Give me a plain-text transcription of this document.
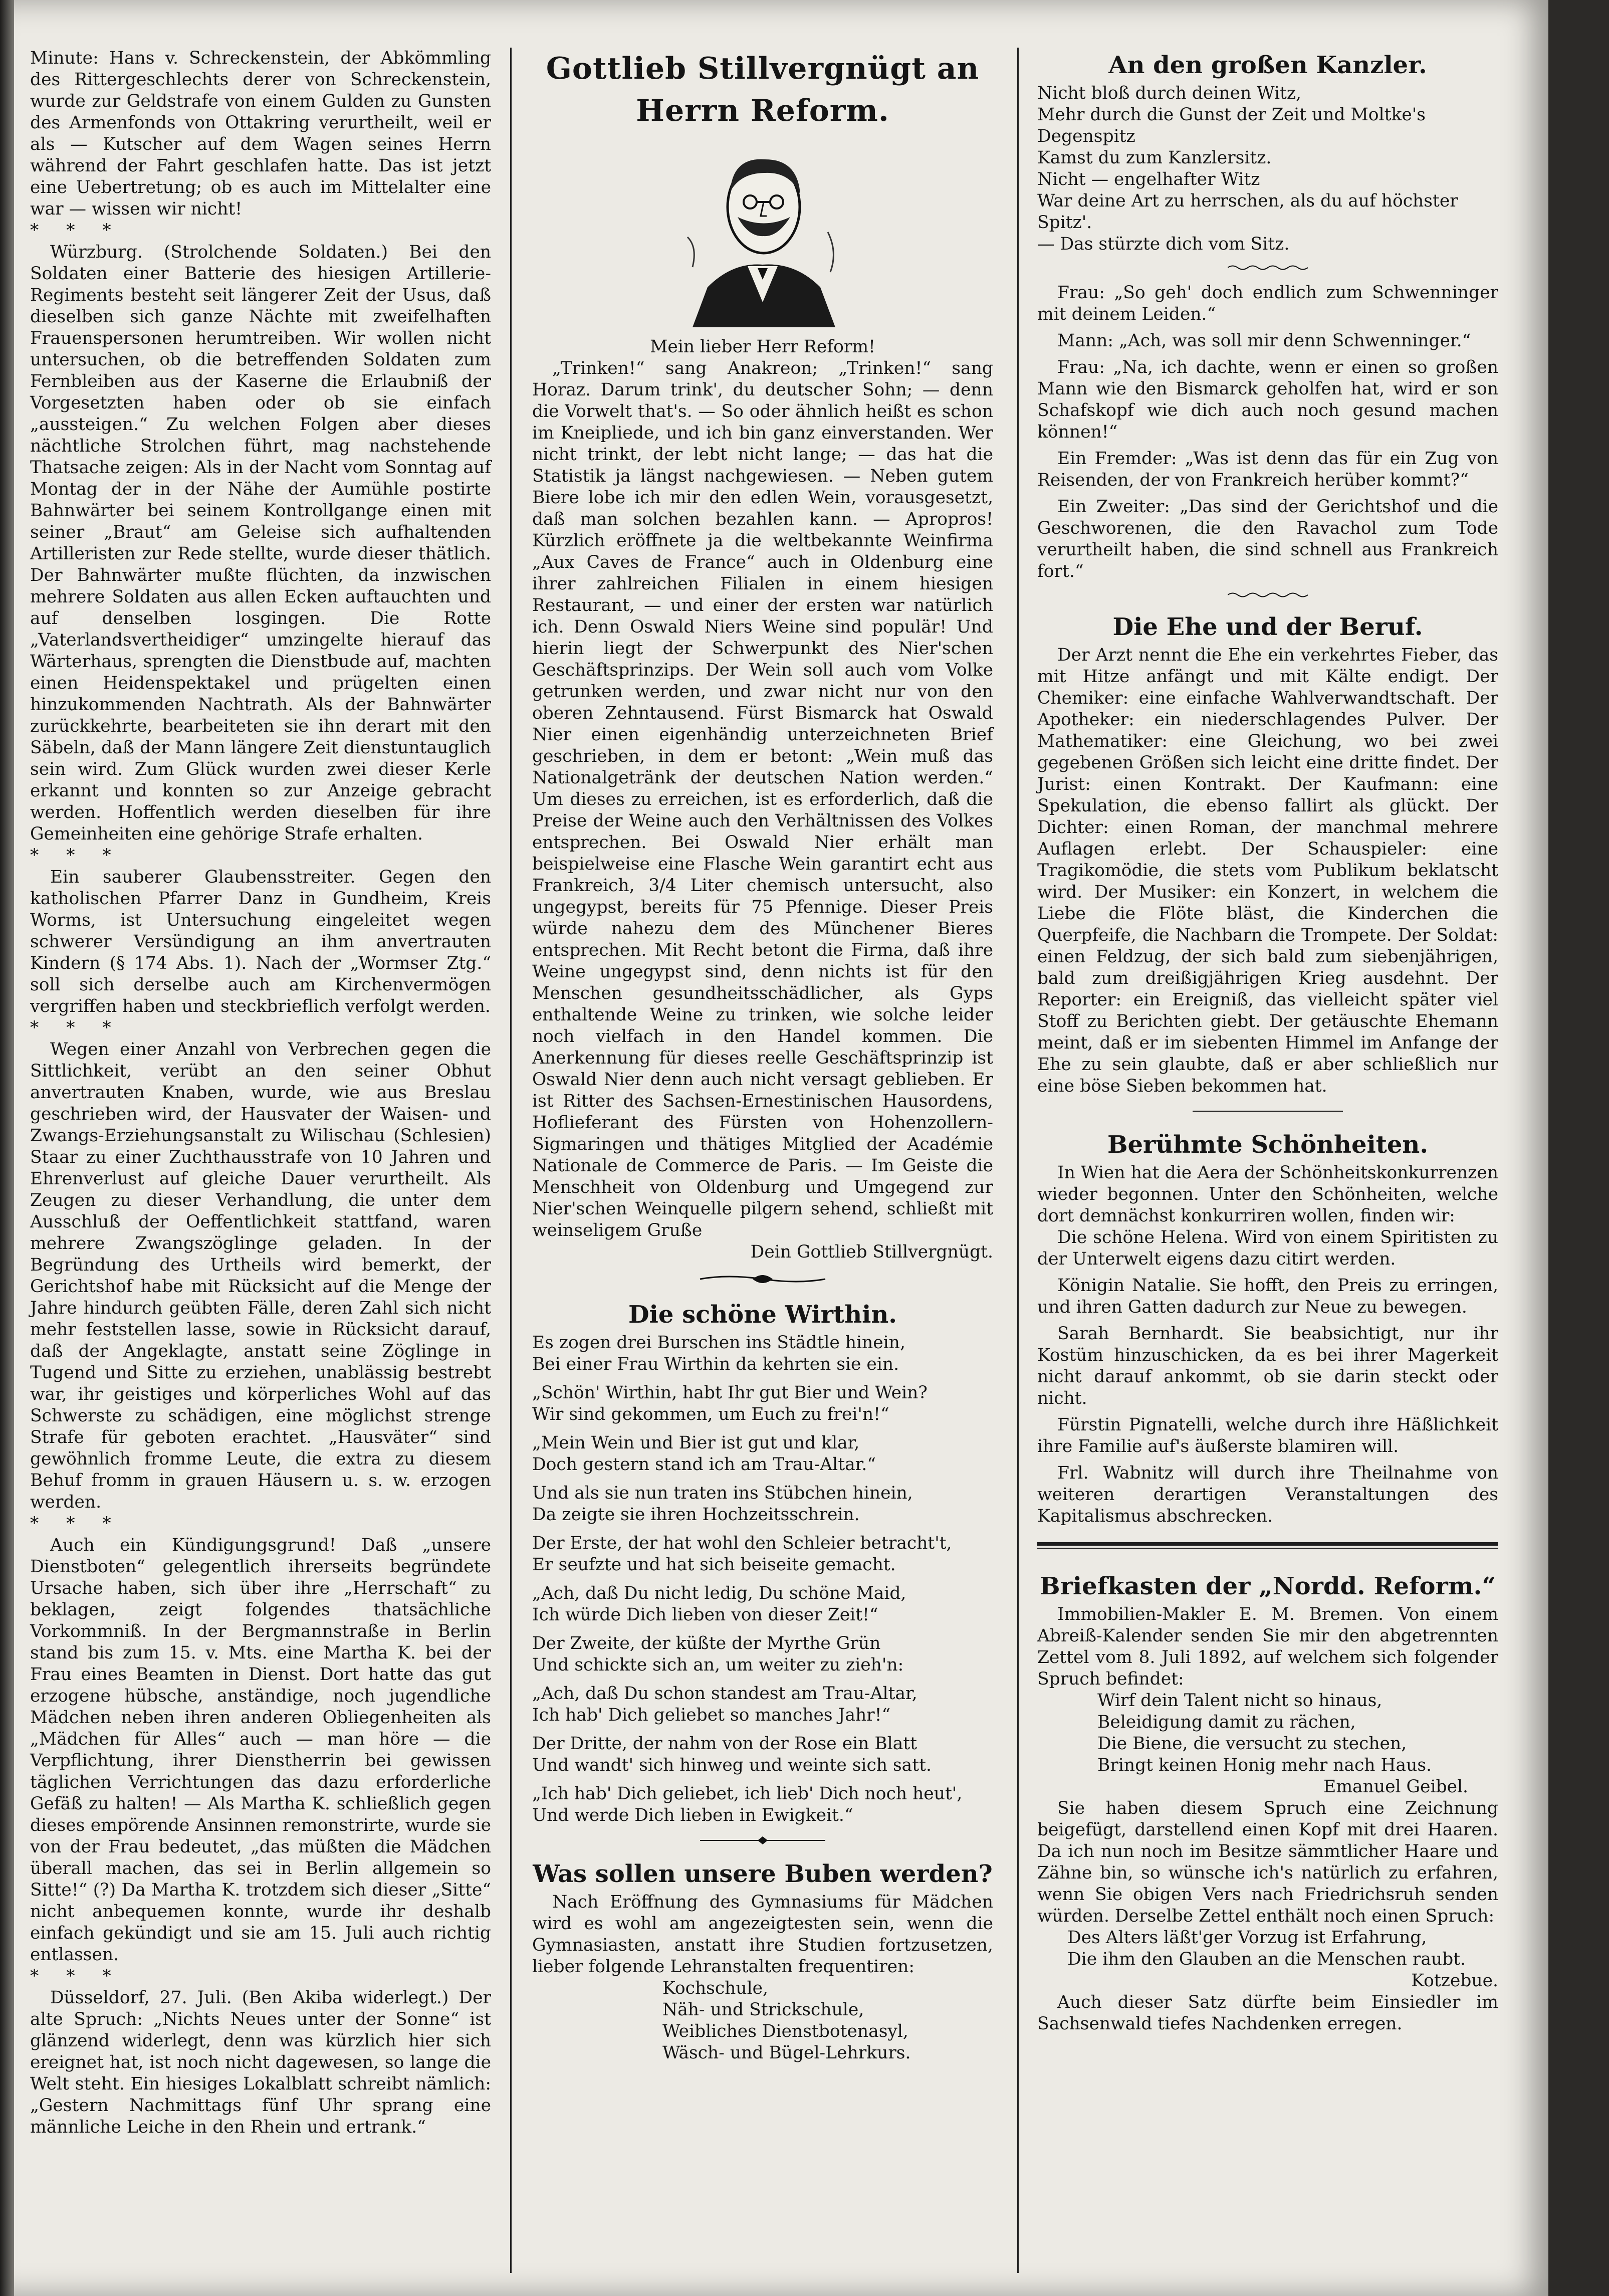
Minute: Hans v. Schreckenstein, der Abkömmling des Rittergeschlechts derer von Schreckenstein, wurde zur Geldstrafe von einem Gulden zu Gunsten des Armenfonds von Ottakring verurtheilt, weil er als — Kutscher auf dem Wagen seines Herrn während der Fahrt geschlafen hatte. Das ist jetzt eine Uebertretung; ob es auch im Mittelalter eine war — wissen wir nicht!

* * *

Würzburg. (Strolchende Soldaten.) Bei den Soldaten einer Batterie des hiesigen Artillerie-Regiments besteht seit längerer Zeit der Usus, daß dieselben sich ganze Nächte mit zweifelhaften Frauenspersonen herumtreiben. Wir wollen nicht untersuchen, ob die betreffenden Soldaten zum Fernbleiben aus der Kaserne die Erlaubniß der Vorgesetzten haben oder ob sie einfach „aussteigen.“ Zu welchen Folgen aber dieses nächtliche Strolchen führt, mag nachstehende Thatsache zeigen: Als in der Nacht vom Sonntag auf Montag der in der Nähe der Aumühle postirte Bahnwärter bei seinem Kontrollgange einen mit seiner „Braut“ am Geleise sich aufhaltenden Artilleristen zur Rede stellte, wurde dieser thätlich. Der Bahnwärter mußte flüchten, da inzwischen mehrere Soldaten aus allen Ecken auftauchten und auf denselben losgingen. Die Rotte „Vaterlandsvertheidiger“ umzingelte hierauf das Wärterhaus, sprengten die Dienstbude auf, machten einen Heidenspektakel und prügelten einen hinzukommenden Nachtrath. Als der Bahnwärter zurückkehrte, bearbeiteten sie ihn derart mit den Säbeln, daß der Mann längere Zeit dienstuntauglich sein wird. Zum Glück wurden zwei dieser Kerle erkannt und konnten so zur Anzeige gebracht werden. Hoffentlich werden dieselben für ihre Gemeinheiten eine gehörige Strafe erhalten.

* * *

Ein sauberer Glaubensstreiter. Gegen den katholischen Pfarrer Danz in Gundheim, Kreis Worms, ist Untersuchung eingeleitet wegen schwerer Versündigung an ihm anvertrauten Kindern (§ 174 Abs. 1). Nach der „Wormser Ztg.“ soll sich derselbe auch am Kirchenvermögen vergriffen haben und steckbrieflich verfolgt werden.

* * *

Wegen einer Anzahl von Verbrechen gegen die Sittlichkeit, verübt an den seiner Obhut anvertrauten Knaben, wurde, wie aus Breslau geschrieben wird, der Hausvater der Waisen- und Zwangs-Erziehungsanstalt zu Wilischau (Schlesien) Staar zu einer Zuchthausstrafe von 10 Jahren und Ehrenverlust auf gleiche Dauer verurtheilt. Als Zeugen zu dieser Verhandlung, die unter dem Ausschluß der Oeffentlichkeit stattfand, waren mehrere Zwangszöglinge geladen. In der Begründung des Urtheils wird bemerkt, der Gerichtshof habe mit Rücksicht auf die Menge der Jahre hindurch geübten Fälle, deren Zahl sich nicht mehr feststellen lasse, sowie in Rücksicht darauf, daß der Angeklagte, anstatt seine Zöglinge in Tugend und Sitte zu erziehen, unablässig bestrebt war, ihr geistiges und körperliches Wohl auf das Schwerste zu schädigen, eine möglichst strenge Strafe für geboten erachtet. „Hausväter“ sind gewöhnlich fromme Leute, die extra zu diesem Behuf fromm in grauen Häusern u. s. w. erzogen werden.

* * *

Auch ein Kündigungsgrund! Daß „unsere Dienstboten“ gelegentlich ihrerseits begründete Ursache haben, sich über ihre „Herrschaft“ zu beklagen, zeigt folgendes thatsächliche Vorkommniß. In der Bergmannstraße in Berlin stand bis zum 15. v. Mts. eine Martha K. bei der Frau eines Beamten in Dienst. Dort hatte das gut erzogene hübsche, anständige, noch jugendliche Mädchen neben ihren anderen Obliegenheiten als „Mädchen für Alles“ auch — man höre — die Verpflichtung, ihrer Dienstherrin bei gewissen täglichen Verrichtungen das dazu erforderliche Gefäß zu halten! — Als Martha K. schließlich gegen dieses empörende Ansinnen remonstrirte, wurde sie von der Frau bedeutet, „das müßten die Mädchen überall machen, das sei in Berlin allgemein so Sitte!“ (?) Da Martha K. trotzdem sich dieser „Sitte“ nicht anbequemen konnte, wurde ihr deshalb einfach gekündigt und sie am 15. Juli auch richtig entlassen.

* * *

Düsseldorf, 27. Juli. (Ben Akiba widerlegt.) Der alte Spruch: „Nichts Neues unter der Sonne“ ist glänzend widerlegt, denn was kürzlich hier sich ereignet hat, ist noch nicht dagewesen, so lange die Welt steht. Ein hiesiges Lokalblatt schreibt nämlich: „Gestern Nachmittags fünf Uhr sprang eine männliche Leiche in den Rhein und ertrank.“

Gottlieb Stillvergnügt an Herrn Reform.

Mein lieber Herr Reform!

„Trinken!“ sang Anakreon; „Trinken!“ sang Horaz. Darum trink', du deutscher Sohn; — denn die Vorwelt that's. — So oder ähnlich heißt es schon im Kneipliede, und ich bin ganz einverstanden. Wer nicht trinkt, der lebt nicht lange; — das hat die Statistik ja längst nachgewiesen. — Neben gutem Biere lobe ich mir den edlen Wein, vorausgesetzt, daß man solchen bezahlen kann. — Apropros! Kürzlich eröffnete ja die weltbekannte Weinfirma „Aux Caves de France“ auch in Oldenburg eine ihrer zahlreichen Filialen in einem hiesigen Restaurant, — und einer der ersten war natürlich ich. Denn Oswald Niers Weine sind populär! Und hierin liegt der Schwerpunkt des Nier'schen Geschäftsprinzips. Der Wein soll auch vom Volke getrunken werden, und zwar nicht nur von den oberen Zehntausend. Fürst Bismarck hat Oswald Nier einen eigenhändig unterzeichneten Brief geschrieben, in dem er betont: „Wein muß das Nationalgetränk der deutschen Nation werden.“ Um dieses zu erreichen, ist es erforderlich, daß die Preise der Weine auch den Verhältnissen des Volkes entsprechen. Bei Oswald Nier erhält man beispielweise eine Flasche Wein garantirt echt aus Frankreich, 3/4 Liter chemisch untersucht, also ungegypst, bereits für 75 Pfennige. Dieser Preis würde nahezu dem des Münchener Bieres entsprechen. Mit Recht betont die Firma, daß ihre Weine ungegypst sind, denn nichts ist für den Menschen gesundheitsschädlicher, als Gyps enthaltende Weine zu trinken, wie solche leider noch vielfach in den Handel kommen. Die Anerkennung für dieses reelle Geschäftsprinzip ist Oswald Nier denn auch nicht versagt geblieben. Er ist Ritter des Sachsen-Ernestinischen Hausordens, Hoflieferant des Fürsten von Hohenzollern-Sigmaringen und thätiges Mitglied der Académie Nationale de Commerce de Paris. — Im Geiste die Menschheit von Oldenburg und Umgegend zur Nier'schen Weinquelle pilgern sehend, schließt mit weinseligem Gruße

Dein Gottlieb Stillvergnügt.

Die schöne Wirthin.

Es zogen drei Burschen ins Städtle hinein,

Bei einer Frau Wirthin da kehrten sie ein.

„Schön' Wirthin, habt Ihr gut Bier und Wein?

Wir sind gekommen, um Euch zu frei'n!“

„Mein Wein und Bier ist gut und klar,

Doch gestern stand ich am Trau-Altar.“

Und als sie nun traten ins Stübchen hinein,

Da zeigte sie ihren Hochzeitsschrein.

Der Erste, der hat wohl den Schleier betracht't,

Er seufzte und hat sich beiseite gemacht.

„Ach, daß Du nicht ledig, Du schöne Maid,

Ich würde Dich lieben von dieser Zeit!“

Der Zweite, der küßte der Myrthe Grün

Und schickte sich an, um weiter zu zieh'n:

„Ach, daß Du schon standest am Trau-Altar,

Ich hab' Dich geliebet so manches Jahr!“

Der Dritte, der nahm von der Rose ein Blatt

Und wandt' sich hinweg und weinte sich satt.

„Ich hab' Dich geliebet, ich lieb' Dich noch heut',

Und werde Dich lieben in Ewigkeit.“

Was sollen unsere Buben werden?

Nach Eröffnung des Gymnasiums für Mädchen wird es wohl am angezeigtesten sein, wenn die Gymnasiasten, anstatt ihre Studien fortzusetzen, lieber folgende Lehranstalten frequentiren:

Kochschule,

Näh- und Strickschule,

Weibliches Dienstbotenasyl,

Wäsch- und Bügel-Lehrkurs.

An den großen Kanzler.

Nicht bloß durch deinen Witz,

Mehr durch die Gunst der Zeit und Moltke's Degenspitz

Kamst du zum Kanzlersitz.

Nicht — engelhafter Witz

War deine Art zu herrschen, als du auf höchster Spitz'.

— Das stürzte dich vom Sitz.

Frau: „So geh' doch endlich zum Schwenninger mit deinem Leiden.“

Mann: „Ach, was soll mir denn Schwenninger.“

Frau: „Na, ich dachte, wenn er einen so großen Mann wie den Bismarck geholfen hat, wird er son Schafskopf wie dich auch noch gesund machen können!“

Ein Fremder: „Was ist denn das für ein Zug von Reisenden, der von Frankreich herüber kommt?“

Ein Zweiter: „Das sind der Gerichtshof und die Geschworenen, die den Ravachol zum Tode verurtheilt haben, die sind schnell aus Frankreich fort.“

Die Ehe und der Beruf.

Der Arzt nennt die Ehe ein verkehrtes Fieber, das mit Hitze anfängt und mit Kälte endigt. Der Chemiker: eine einfache Wahlverwandtschaft. Der Apotheker: ein niederschlagendes Pulver. Der Mathematiker: eine Gleichung, wo bei zwei gegebenen Größen sich leicht eine dritte findet. Der Jurist: einen Kontrakt. Der Kaufmann: eine Spekulation, die ebenso fallirt als glückt. Der Dichter: einen Roman, der manchmal mehrere Auflagen erlebt. Der Schauspieler: eine Tragikomödie, die stets vom Publikum beklatscht wird. Der Musiker: ein Konzert, in welchem die Liebe die Flöte bläst, die Kinderchen die Querpfeife, die Nachbarn die Trompete. Der Soldat: einen Feldzug, der sich bald zum siebenjährigen, bald zum dreißigjährigen Krieg ausdehnt. Der Reporter: ein Ereigniß, das vielleicht später viel Stoff zu Berichten giebt. Der getäuschte Ehemann meint, daß er im siebenten Himmel im Anfange der Ehe zu sein glaubte, daß er aber schließlich nur eine böse Sieben bekommen hat.

Berühmte Schönheiten.

In Wien hat die Aera der Schönheitskonkurrenzen wieder begonnen. Unter den Schönheiten, welche dort demnächst konkurriren wollen, finden wir:

Die schöne Helena. Wird von einem Spiritisten zu der Unterwelt eigens dazu citirt werden.

Königin Natalie. Sie hofft, den Preis zu erringen, und ihren Gatten dadurch zur Neue zu bewegen.

Sarah Bernhardt. Sie beabsichtigt, nur ihr Kostüm hinzuschicken, da es bei ihrer Magerkeit nicht darauf ankommt, ob sie darin steckt oder nicht.

Fürstin Pignatelli, welche durch ihre Häßlichkeit ihre Familie auf's äußerste blamiren will.

Frl. Wabnitz will durch ihre Theilnahme von weiteren derartigen Veranstaltungen des Kapitalismus abschrecken.

Briefkasten der „Nordd. Reform.“

Immobilien-Makler E. M. Bremen. Von einem Abreiß-Kalender senden Sie mir den abgetrennten Zettel vom 8. Juli 1892, auf welchem sich folgender Spruch befindet:

Wirf dein Talent nicht so hinaus,

Beleidigung damit zu rächen,

Die Biene, die versucht zu stechen,

Bringt keinen Honig mehr nach Haus.

Emanuel Geibel.

Sie haben diesem Spruch eine Zeichnung beigefügt, darstellend einen Kopf mit drei Haaren. Da ich nun noch im Besitze sämmtlicher Haare und Zähne bin, so wünsche ich's natürlich zu erfahren, wenn Sie obigen Vers nach Friedrichsruh senden würden. Derselbe Zettel enthält noch einen Spruch:

Des Alters läßt'ger Vorzug ist Erfahrung,

Die ihm den Glauben an die Menschen raubt.

Kotzebue.

Auch dieser Satz dürfte beim Einsiedler im Sachsenwald tiefes Nachdenken erregen.
